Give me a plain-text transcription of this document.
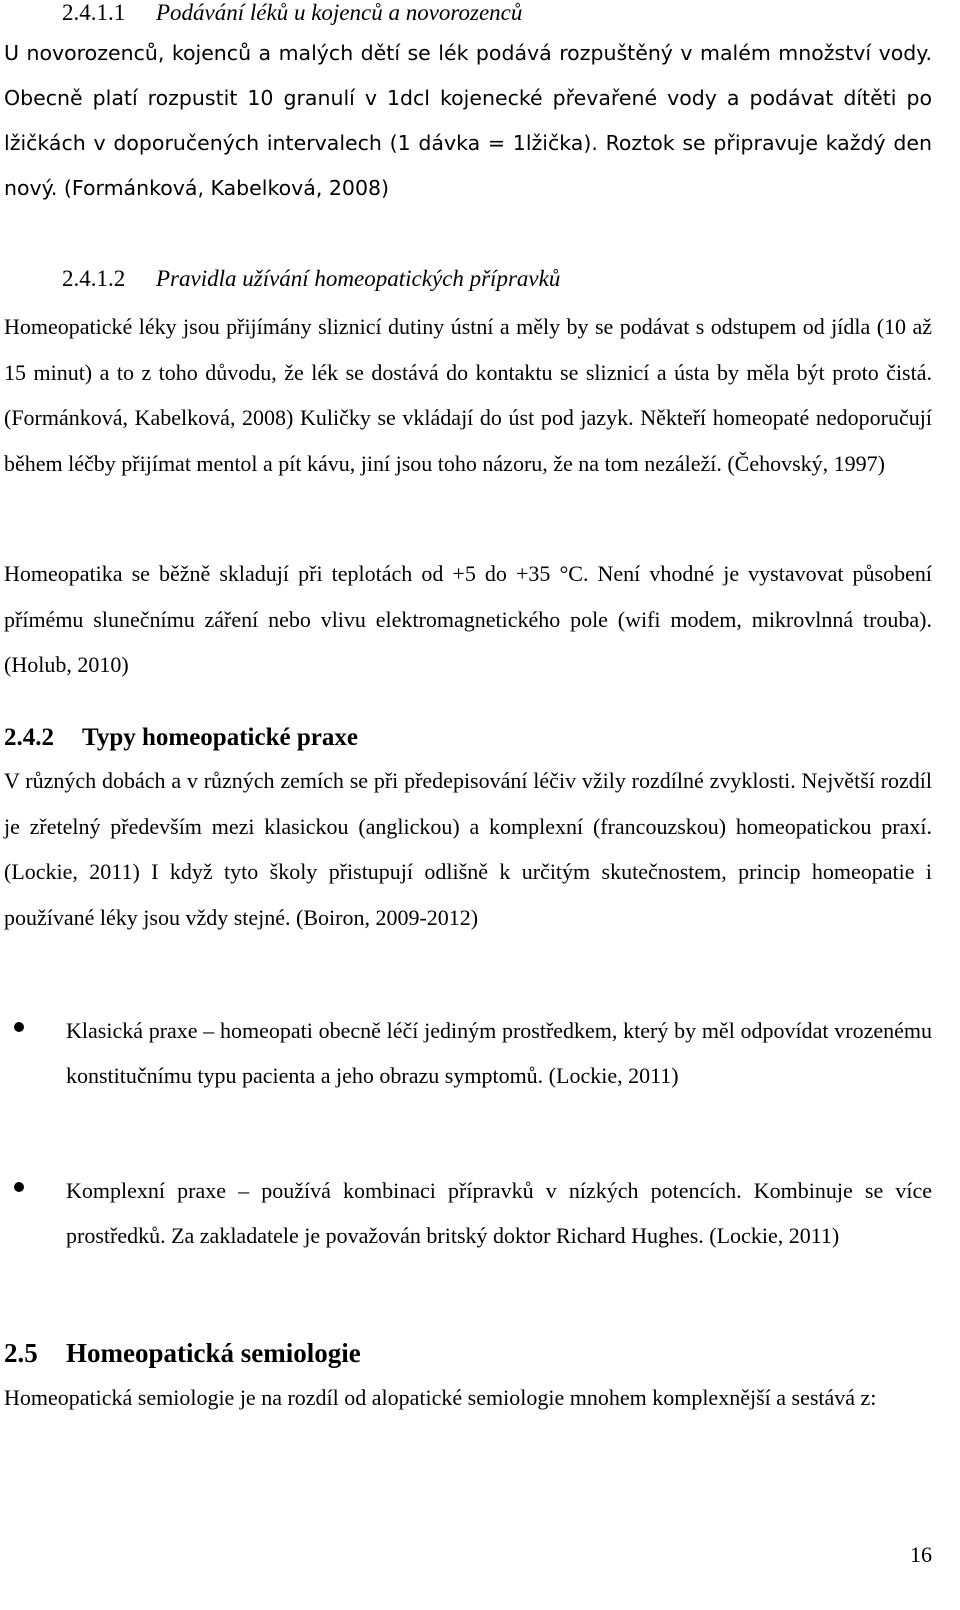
2.4.1.1 Podávání léků u kojenců a novorozenců
U novorozenců, kojenců a malých dětí se lék podává rozpuštěný v malém množství vody. Obecně platí rozpustit 10 granulí v 1dcl kojenecké převařené vody a podávat dítěti po lžičkách v doporučených intervalech (1 dávka = 1lžička). Roztok se připravuje každý den nový. (Formánková, Kabelková, 2008)
2.4.1.2 Pravidla užívání homeopatických přípravků
Homeopatické léky jsou přijímány sliznicí dutiny ústní a měly by se podávat s odstupem od jídla (10 až 15 minut) a to z toho důvodu, že lék se dostává do kontaktu se sliznicí a ústa by měla být proto čistá. (Formánková, Kabelková, 2008) Kuličky se vkládají do úst pod jazyk. Někteří homeopaté nedoporučují během léčby přijímat mentol a pít kávu, jiní jsou toho názoru, že na tom nezáleží. (Čehovský, 1997)
Homeopatika se běžně skladují při teplotách od +5 do +35 °C. Není vhodné je vystavovat působení přímému slunečnímu záření nebo vlivu elektromagnetického pole (wifi modem, mikrovlnná trouba). (Holub, 2010)
2.4.2 Typy homeopatické praxe
V různých dobách a v různých zemích se při předepisování léčiv vžily rozdílné zvyklosti. Největší rozdíl je zřetelný především mezi klasickou (anglickou) a komplexní (francouzskou) homeopatickou praxí. (Lockie, 2011) I když tyto školy přistupují odlišně k určitým skutečnostem, princip homeopatie i používané léky jsou vždy stejné. (Boiron, 2009-2012)
Klasická praxe – homeopati obecně léčí jediným prostředkem, který by měl odpovídat vrozenému konstitučnímu typu pacienta a jeho obrazu symptomů. (Lockie, 2011)
Komplexní praxe – používá kombinaci přípravků v nízkých potencích. Kombinuje se více prostředků. Za zakladatele je považován britský doktor Richard Hughes. (Lockie, 2011)
2.5 Homeopatická semiologie
Homeopatická semiologie je na rozdíl od alopatické semiologie mnohem komplexnější a sestává z:
16
